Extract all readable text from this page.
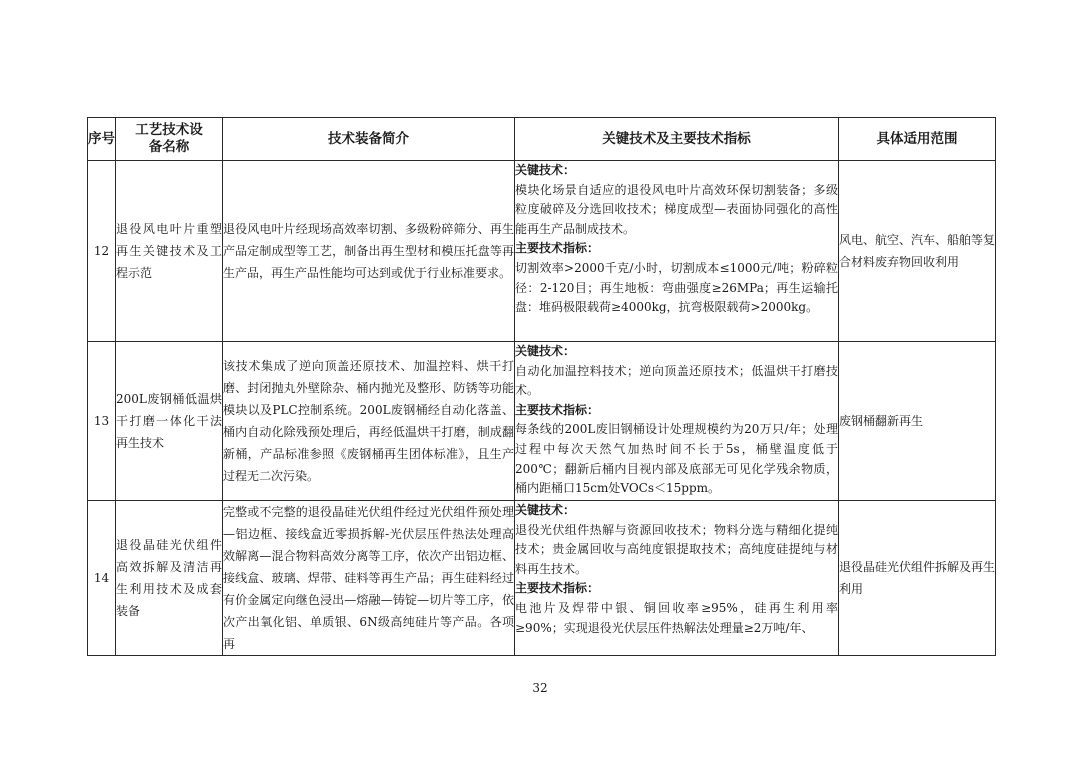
序号	工艺技术设备名称	技术装备简介	关键技术及主要技术指标	具体适用范围
12	退役风电叶片重塑再生关键技术及工程示范	退役风电叶片经现场高效率切割、多级粉碎筛分、再生产品定制成型等工艺，制备出再生型材和模压托盘等再生产品，再生产品性能均可达到或优于行业标准要求。	关键技术：
模块化场景自适应的退役风电叶片高效环保切割装备；多级粒度破碎及分选回收技术；梯度成型—表面协同强化的高性能再生产品制成技术。
主要技术指标：
切割效率>2000千克/小时，切割成本≤1000元/吨；粉碎粒径：2-120目；再生地板：弯曲强度≥26MPa；再生运输托盘：堆码极限载荷≥4000kg，抗弯极限载荷>2000kg。	风电、航空、汽车、船舶等复合材料废弃物回收利用
13	200L废钢桶低温烘干打磨一体化干法再生技术	该技术集成了逆向顶盖还原技术、加温控料、烘干打磨、封闭抛丸外壁除杂、桶内抛光及整形、防锈等功能模块以及PLC控制系统。200L废钢桶经自动化落盖、桶内自动化除残预处理后，再经低温烘干打磨，制成翻新桶，产品标准参照《废钢桶再生团体标准》，且生产过程无二次污染。	关键技术：
自动化加温控料技术；逆向顶盖还原技术；低温烘干打磨技术。
主要技术指标：
每条线的200L废旧钢桶设计处理规模约为20万只/年；处理过程中每次天然气加热时间不长于5s，桶壁温度低于200℃；翻新后桶内目视内部及底部无可见化学残余物质，桶内距桶口15cm处VOCs＜15ppm。	废钢桶翻新再生
14	退役晶硅光伏组件高效拆解及清洁再生利用技术及成套装备	完整或不完整的退役晶硅光伏组件经过光伏组件预处理—铝边框、接线盒近零损拆解-光伏层压件热法处理高效解离—混合物料高效分离等工序，依次产出铝边框、接线盒、玻璃、焊带、硅料等再生产品；再生硅料经过有价金属定向继色浸出—熔融—铸锭—切片等工序，依次产出氧化铝、单质银、6N级高纯硅片等产品。各项再	关键技术：
退役光伏组件热解与资源回收技术；物料分选与精细化提纯技术；贵金属回收与高纯度银提取技术；高纯度硅提纯与材料再生技术。
主要技术指标：
电池片及焊带中银、铜回收率≥95%，硅再生利用率≥90%；实现退役光伏层压件热解法处理量≥2万吨/年、	退役晶硅光伏组件拆解及再生利用
32
